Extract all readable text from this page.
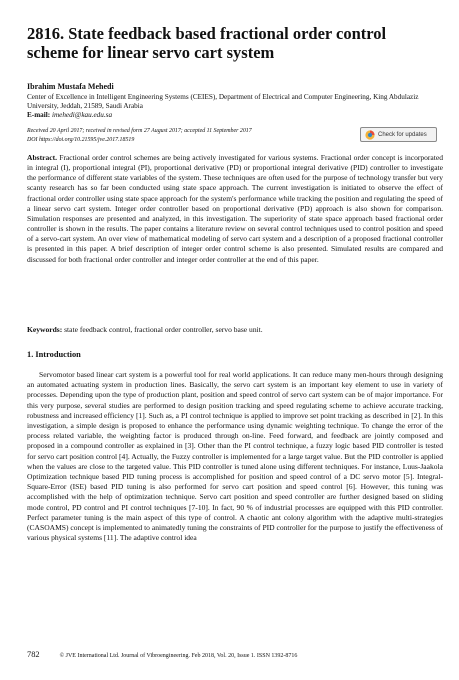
2816. State feedback based fractional order control scheme for linear servo cart system
Ibrahim Mustafa Mehedi
Center of Excellence in Intelligent Engineering Systems (CEIES), Department of Electrical and Computer Engineering, King Abdulaziz University, Jeddah, 21589, Saudi Arabia
E-mail: imehedi@kau.edu.sa
Received 20 April 2017; received in revised form 27 August 2017; accepted 11 September 2017
DOI https://doi.org/10.21595/jve.2017.18519
Check for updates
Abstract. Fractional order control schemes are being actively investigated for various systems. Fractional order concept is incorporated in integral (I), proportional integral (PI), proportional derivative (PD) or proportional integral derivative (PID) controller to investigate the performance of different state variables of the system. These techniques are often used for the purpose of technology transfer but very scanty research has so far been conducted using state space approach. The current investigation is initiated to observe the effect of fractional order controller using state space approach for the system's performance while tracking the position and regulating the speed of a linear servo cart system. Integer order controller based on proportional derivative (PD) approach is also shown for comparison. Simulation responses are presented and analyzed, in this investigation. The superiority of state space approach based fractional order controller is shown in the results. The paper contains a literature review on several control techniques used to control position and speed of a servo-cart system. An over view of mathematical modeling of servo cart system and a description of a proposed fractional controller is presented in this paper. A brief description of integer order control scheme is also presented. Simulated results are compared and discussed for both fractional order controller and integer order controller at the end of this paper.
Keywords: state feedback control, fractional order controller, servo base unit.
1. Introduction
Servomotor based linear cart system is a powerful tool for real world applications. It can reduce many men-hours through designing an automated actuating system in production lines. Basically, the servo cart system is an important key element to use in variety of processes. Depending upon the type of production plant, position and speed control of servo cart system can be of major importance. For this very purpose, several studies are performed to design position tracking and speed regulating scheme to achieve accurate tracking, robustness and increased efficiency [1]. Such as, a PI control technique is applied to improve set point tracking as described in [2]. In this investigation, a simple design is proposed to enhance the performance using dynamic weighting technique. To change the error of the process related variable, the weighting factor is produced through on-line. Feed forward, and feedback are jointly composed and proposed in a compound controller as explained in [3]. Other than the PI control technique, a fuzzy logic based PID controller is tested for servo cart position control [4]. Actually, the Fuzzy controller is implemented for a large target value. But the PID controller is applied when the values are close to the targeted value. This PID controller is tuned alone using different techniques. For instance, Luus-Jaakola Optimization technique based PID tuning process is accomplished for position and speed control of a DC servo motor [5]. Integral-Square-Error (ISE) based PID tuning is also performed for servo cart position and speed control [6]. However, this tuning was accomplished with the help of optimization technique. Servo cart position and speed controller are further designed based on sliding mode control, PD control and PI control techniques [7-10]. In fact, 90 % of industrial processes are equipped with this PID controller. Perfect parameter tuning is the main aspect of this type of control. A chaotic ant colony algorithm with the adaptive multi-strategies (CASOAMS) concept is implemented to animatedly tuning the constraints of PID controller for the purpose to justify the effectiveness of various physical systems [11]. The adaptive control idea
782	© JVE International Ltd. Journal of Vibroengineering. Feb 2018, Vol. 20, Issue 1. ISSN 1392-8716
